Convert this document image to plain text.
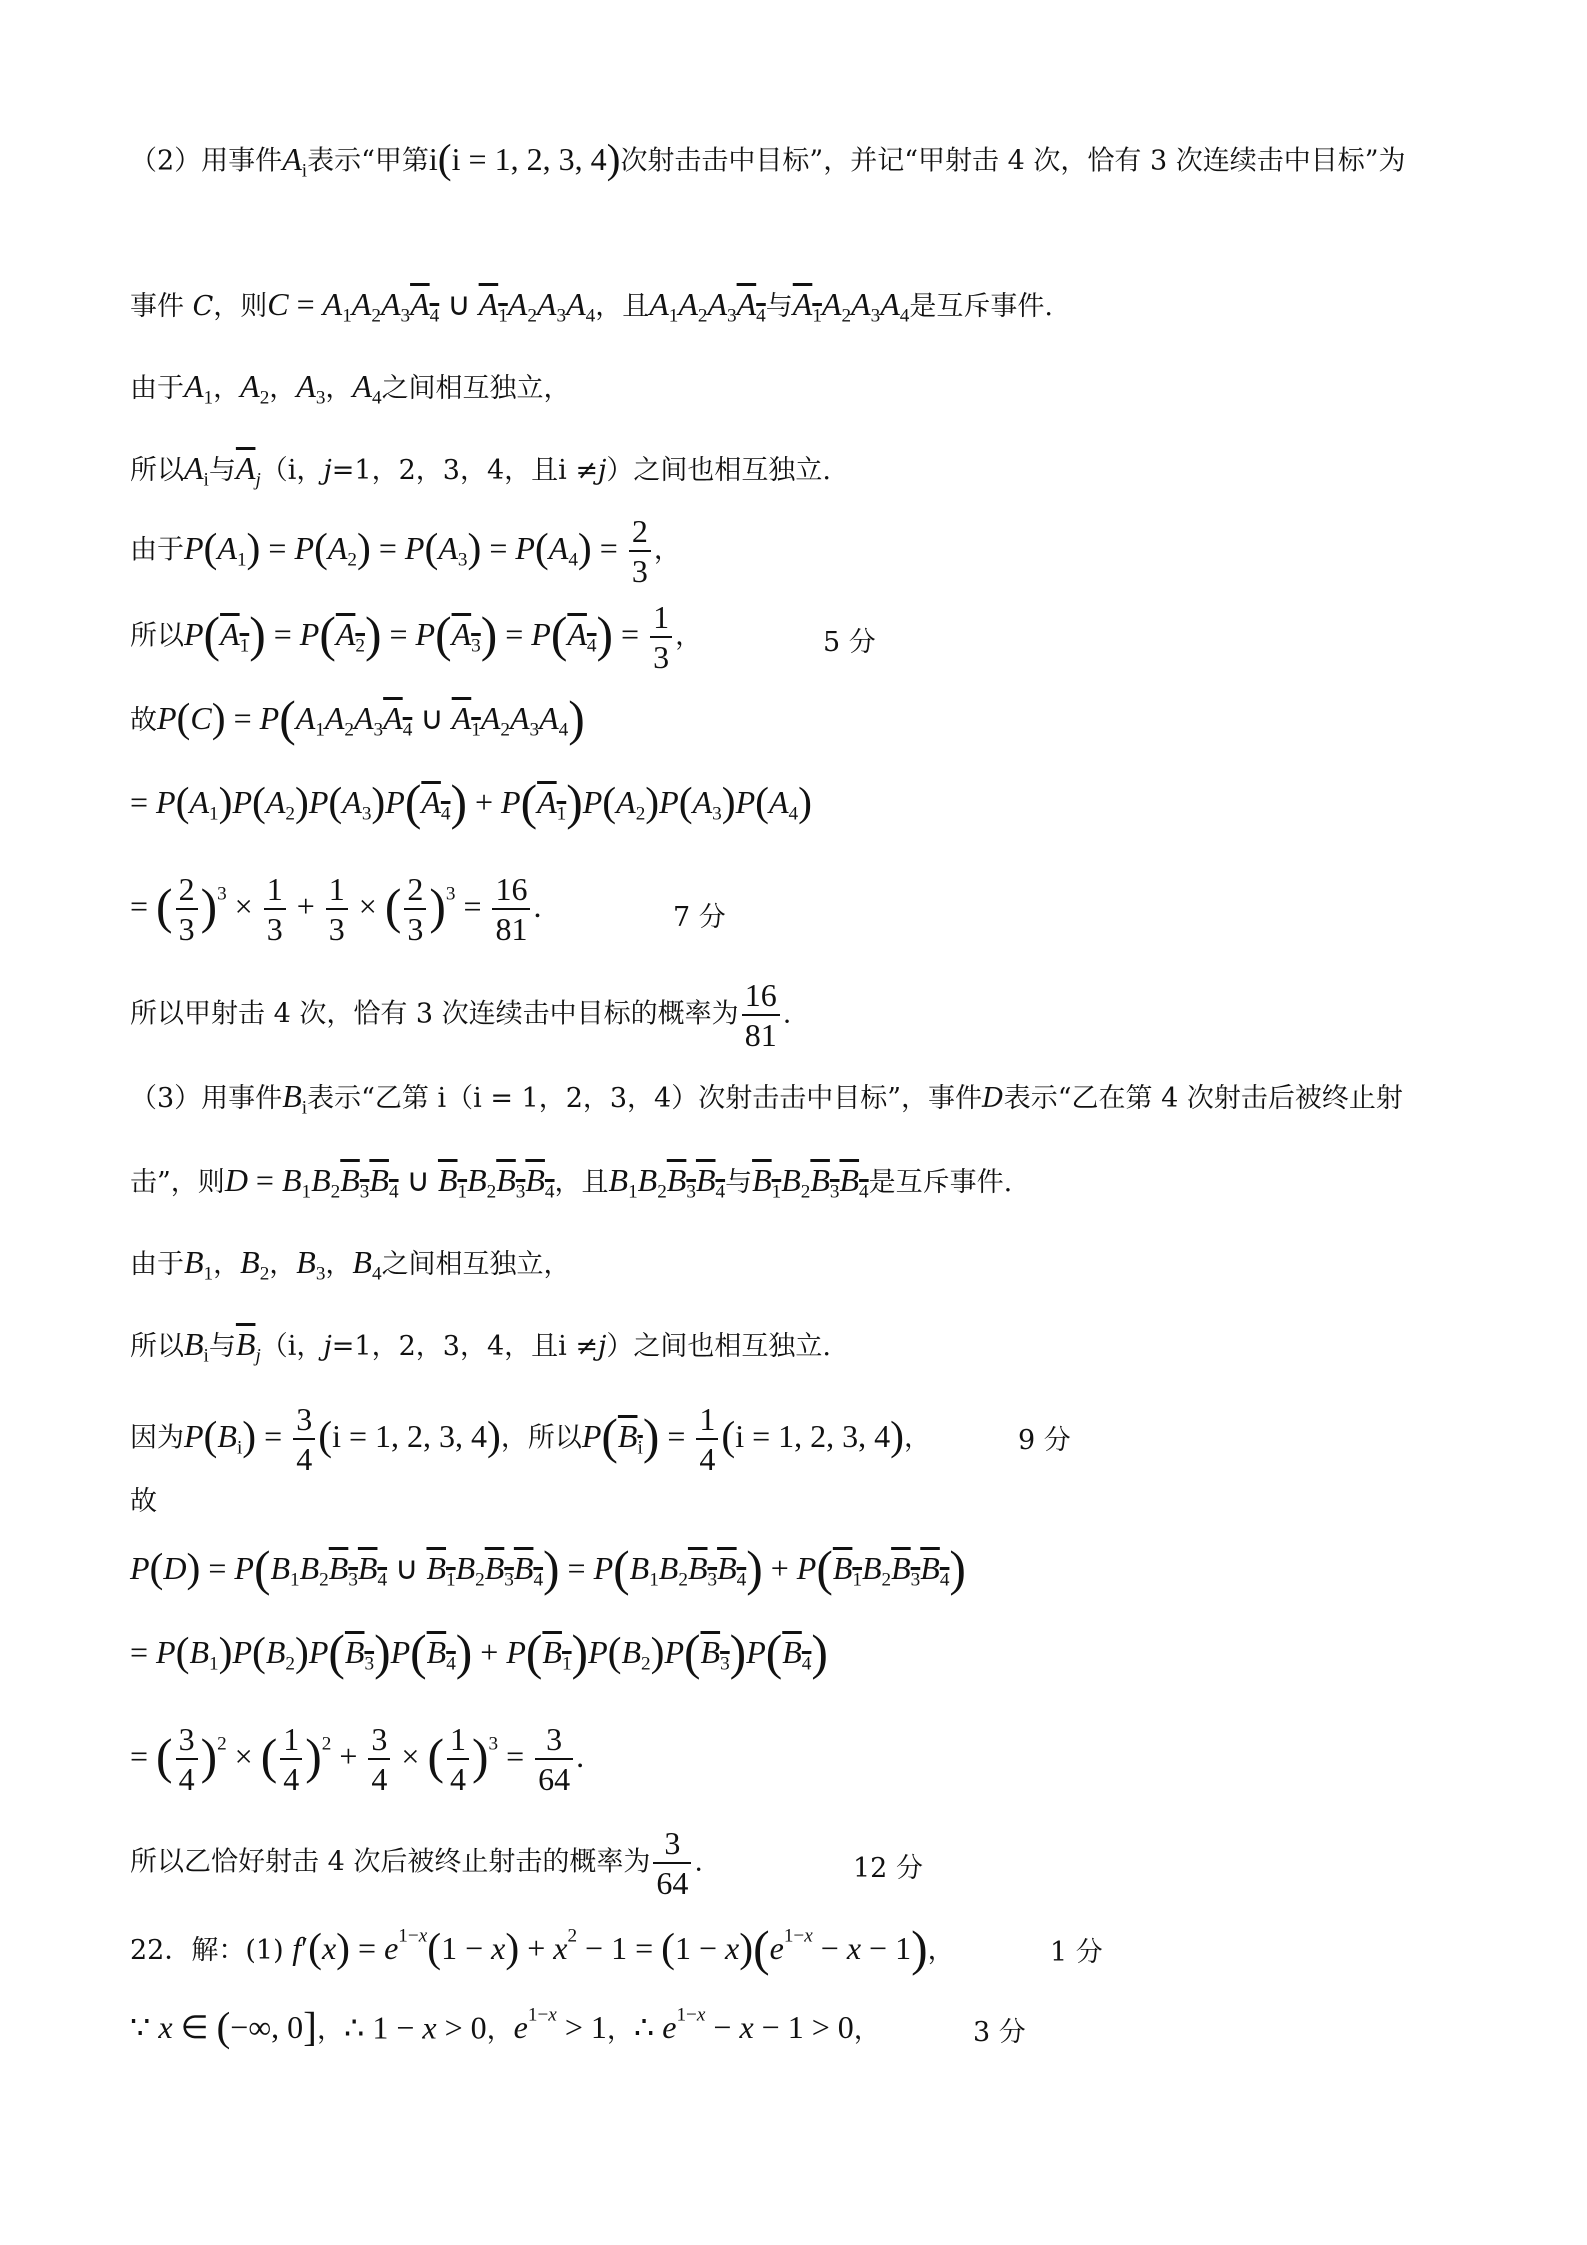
（2）用事件$A_i$表示“甲第i(i = 1, 2, 3, 4)次射击击中目标”，并记“甲射击 4 次，恰有 3 次连续击中目标”为
事件 C，则$C = A_1A_2A_3A_4$ ∪ $A_1A_2A_3A_4$，且$A_1A_2A_3A_4$与$A_1A_2A_3A_4$是互斥事件.
由于$A_1$，$A_2$，$A_3$，$A_4$之间相互独立，
所以$A_i$与$\overline{A}_j(i$，j=1，2，3，4，且i ≠j）之间也相互独立.
由于$P(A_1) = P(A_2) = P(A_3) = P(A_4) = \frac{2}{3}$ ，
所以$P(A_1) = P(A_2) = P(A_3) = P(A_4) = \frac{1}{3}$ ，	5 分
故$P(C) = P(A_1A_2A_3A_4$ ∪ $A_1A_2A_3A_4$)
= $P(A_1)P(A_2)P(A_3)P(A_4) + P(A_1)P(A_2)P(A_3)P(A_4)$
= ( $\frac{2}{3} )^3 \times \frac{1}{3} + \frac{1}{3}$ × ( $\frac{2}{3} )^3 = \frac{16}{81}$ .	7 分
所以甲射击 4 次，恰有 3 次连续击中目标的概率为 $\frac{16}{81}$ .
（3）用事件$B_i$表示“乙第 i（i = 1，2，3，4）次射击击中目标”，事件D表示“乙在第 4 次射击后被终止射
击”，则$D = B_1B_2B_3B_4$ ∪ $B_1B_2B_3B_4$，且$B_1B_2B_3B_4$与$B_1B_2B_3B_4$是互斥事件.
由于$B_1$，$B_2$，$B_3$，$B_4$之间相互独立，
所以$B_i$与$\overline{B}_j(i$，j=1，2，3，4，且i ≠j）之间也相互独立.
因为$P(B_i) = \frac{3}{4} (i = 1$, 2, 3, 4)，所以$P(B_i) = \frac{1}{4} (i = 1$, 2, 3, 4)，	9 分
故
$P(D) = P(B_1B_2B_3B_4$ ∪ $B_1B_2B_3B_4) = P(B_1B_2B_3B_4) + P(B_1B_2B_3B_4)$
= $P(B_1)P(B_2)P(B_3)P(B_4) + P(B_1)P(B_2)P(B_3)P(B_4)$
= ( $\frac{3}{4} )^2$ × ( $\frac{1}{4} )^2 + \frac{3}{4}$ × ( $\frac{1}{4} )^3 = \frac{3}{64}$ .
所以乙恰好射击 4 次后被终止射击的概率为 $\frac{3}{64}$ .	12 分
22．解：(1) $f'(x) = e^{1-x}(1 - x) + x^2 - 1 = (1 - x)(e^{1-x} - x - 1)$，	1 分
∵ x ∈ (−∞, 0]，∴ 1 − x > 0，$e^{1-x} > 1$，∴ $e^{1-x} - x - 1 > 0$，	3 分
